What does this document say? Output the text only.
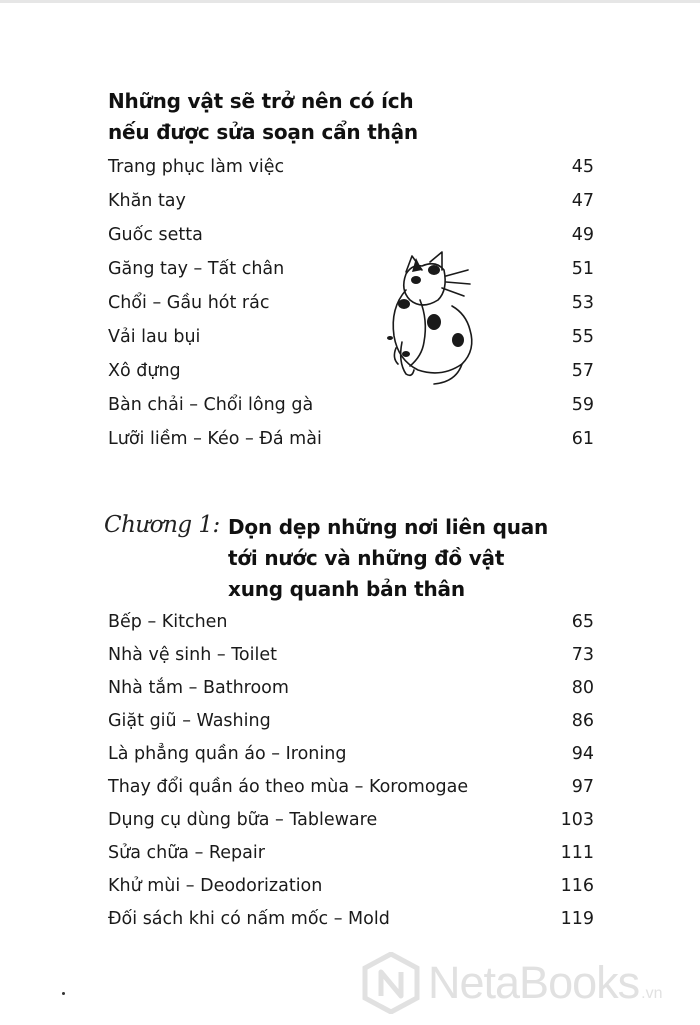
Những vật sẽ trở nên có ích
nếu được sửa soạn cẩn thận
Trang phục làm việc	45
Khăn tay	47
Guốc setta	49
Găng tay – Tất chân	51
Chổi – Gầu hót rác	53
Vải lau bụi	55
Xô đựng	57
Bàn chải – Chổi lông gà	59
Lưỡi liềm – Kéo – Đá mài	61
Chương 1: Dọn dẹp những nơi liên quan
tới nước và những đồ vật
xung quanh bản thân
Bếp – Kitchen	65
Nhà vệ sinh – Toilet	73
Nhà tắm – Bathroom	80
Giặt giũ – Washing	86
Là phẳng quần áo – Ironing	94
Thay đổi quần áo theo mùa – Koromogae	97
Dụng cụ dùng bữa – Tableware	103
Sửa chữa – Repair	111
Khử mùi – Deodorization	116
Đối sách khi có nấm mốc – Mold	119
NetaBooks .vn
